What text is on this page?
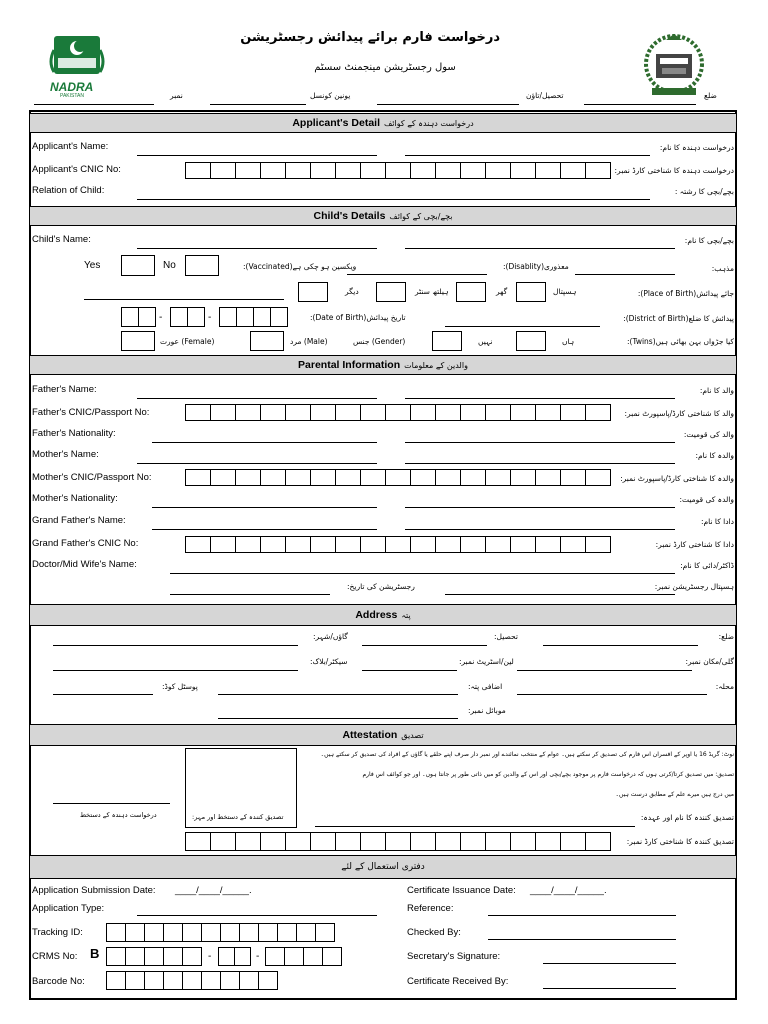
NADRA
PAKISTAN
درخواست فارم برائے پیدائش رجسٹریشن
سول رجسٹریشن مینجمنٹ سسٹم
ضلع
تحصیل/تاؤن
یونین کونسل
نمبر
Applicant's Detail درخواست دہندہ کے کوائف
Applicant's Name:	درخواست دہندہ کا نام:
Applicant's CNIC No:	درخواست دہندہ کا شناختی کارڈ نمبر:
Relation of Child:	بچے/بچی کا رشتہ :
Child's Details بچے/بچی کے کوائف
Child's Name:	بچے/بچی کا نام:
Yes	No	ویکسین ہو چکی ہے(Vaccinated):	معذوری(Disablity):	مذہب:
دیگر	ہیلتھ سنٹر	گھر	ہسپتال	جائے پیدائش(Place of Birth):
-	-	تاریخ پیدائش(Date of Birth):	پیدائش کا ضلع(District of Birth):
(Female) عورت	(Male) مرد	(Gender) جنس	نہیں	ہاں	کیا جڑواں بہن بھائی ہیں(Twins):
Parental Information والدین کے معلومات
Father's Name:	والد کا نام:
Father's CNIC/Passport No:	والد کا شناختی کارڈ/پاسپورٹ نمبر:
Father's Nationality:	والد کی قومیت:
Mother's Name:	والدہ کا نام:
Mother's CNIC/Passport No:	والدہ کا شناختی کارڈ/پاسپورٹ نمبر:
Mother's Nationality:	والدہ کی قومیت:
Grand Father's Name:	دادا کا نام:
Grand Father's CNIC No:	دادا کا شناختی کارڈ نمبر:
Doctor/Mid Wife's Name:	ڈاکٹر/دائی کا نام:
رجسٹریشن کی تاریخ:	ہسپتال رجسٹریشن نمبر:
Address پتہ
گاؤں/شہر:	تحصیل:	ضلع:
سیکٹر/بلاک:	لین/اسٹریٹ نمبر:	گلی/مکان نمبر:
پوسٹل کوڈ:	اضافی پتہ:	محلہ:
موبائل نمبر:
Attestation تصدیق
تصدیق کنندہ کے دستخط اور مہر:
درخواست دہندہ کے دستخط
نوٹ: گریڈ 16 یا اوپر کے افسران اس فارم کی تصدیق کر سکتے ہیں۔ عوام کے منتخب نمائندے اور نمبر دار صرف اپنے حلقے یا گاؤں کے افراد کی تصدیق کر سکتے ہیں۔
تصدیق: میں تصدیق کرتا/کرتی ہوں کہ درخواست فارم پر موجود بچے/بچی اور اس کے والدین کو میں ذاتی طور پر جانتا ہوں۔ اور جو کوائف اس فارم
میں درج ہیں میرے علم کے مطابق درست ہیں۔
تصدیق کنندہ کا نام اور عہدہ:
تصدیق کنندہ کا شناختی کارڈ نمبر:
دفتری استعمال کے لئے
Application Submission Date: ____/____/_____.	Certificate Issuance Date: ____/____/_____.
Application Type:	Reference:
Tracking ID:	Checked By:
CRMS No: B	-	-	Secretary's Signature:
Barcode No:	Certificate Received By:
